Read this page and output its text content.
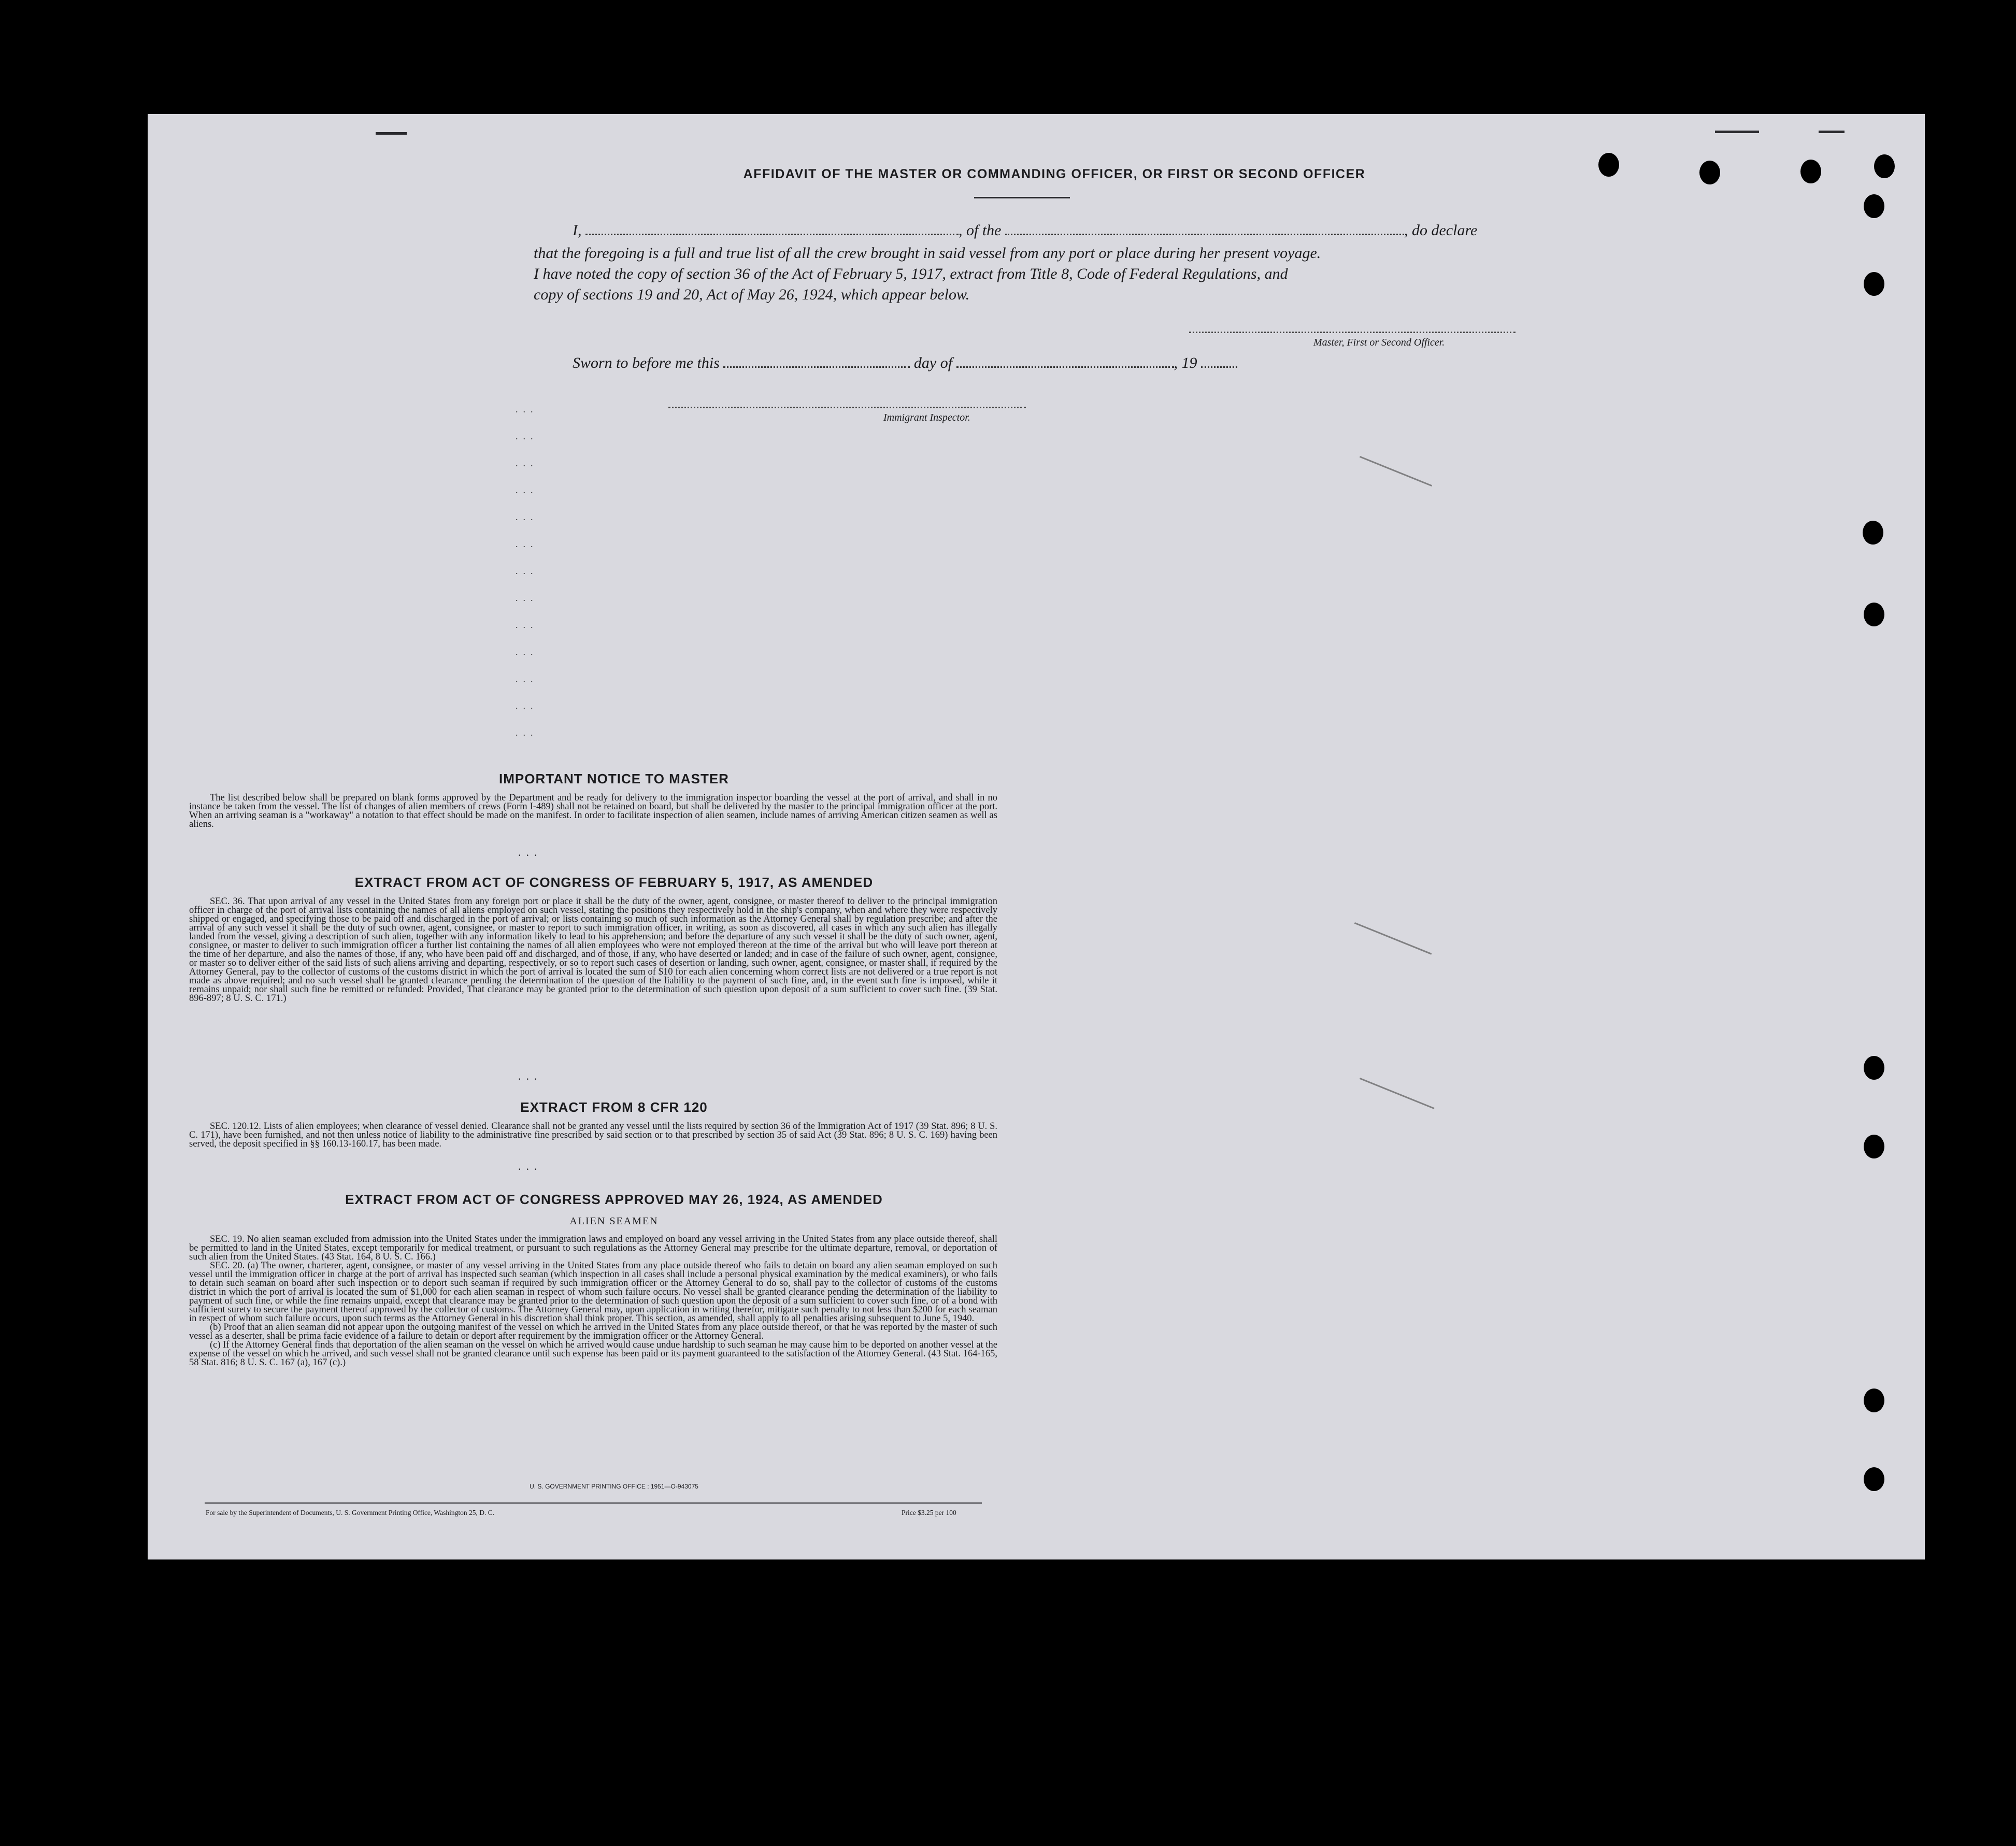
AFFIDAVIT OF THE MASTER OR COMMANDING OFFICER, OR FIRST OR SECOND OFFICER
I,	, of the	, do declare
that the foregoing is a full and true list of all the crew brought in said vessel from any port or place during her present voyage.
I have noted the copy of section 36 of the Act of February 5, 1917, extract from Title 8, Code of Federal Regulations, and
copy of sections 19 and 20, Act of May 26, 1924, which appear below.
Master, First or Second Officer.
Sworn to before me this	day of	, 19
Immigrant Inspector.
...
...
...
...
...
...
...
...
...
...
...
...
...
IMPORTANT NOTICE TO MASTER
The list described below shall be prepared on blank forms approved by the Department and be ready for delivery to the immigration inspector boarding the vessel at the port of arrival, and shall in no instance be taken from the vessel. The list of changes of alien members of crews (Form I-489) shall not be retained on board, but shall be delivered by the master to the principal immigration officer at the port. When an arriving seaman is a "workaway" a notation to that effect should be made on the manifest. In order to facilitate inspection of alien seamen, include names of arriving American citizen seamen as well as aliens.
...
EXTRACT FROM ACT OF CONGRESS OF FEBRUARY 5, 1917, AS AMENDED
SEC. 36. That upon arrival of any vessel in the United States from any foreign port or place it shall be the duty of the owner, agent, consignee, or master thereof to deliver to the principal immigration officer in charge of the port of arrival lists containing the names of all aliens employed on such vessel, stating the positions they respectively hold in the ship's company, when and where they were respectively shipped or engaged, and specifying those to be paid off and discharged in the port of arrival; or lists containing so much of such information as the Attorney General shall by regulation prescribe; and after the arrival of any such vessel it shall be the duty of such owner, agent, consignee, or master to report to such immigration officer, in writing, as soon as discovered, all cases in which any such alien has illegally landed from the vessel, giving a description of such alien, together with any information likely to lead to his apprehension; and before the departure of any such vessel it shall be the duty of such owner, agent, consignee, or master to deliver to such immigration officer a further list containing the names of all alien employees who were not employed thereon at the time of the arrival but who will leave port thereon at the time of her departure, and also the names of those, if any, who have been paid off and discharged, and of those, if any, who have deserted or landed; and in case of the failure of such owner, agent, consignee, or master so to deliver either of the said lists of such aliens arriving and departing, respectively, or so to report such cases of desertion or landing, such owner, agent, consignee, or master shall, if required by the Attorney General, pay to the collector of customs of the customs district in which the port of arrival is located the sum of $10 for each alien concerning whom correct lists are not delivered or a true report is not made as above required; and no such vessel shall be granted clearance pending the determination of the question of the liability to the payment of such fine, and, in the event such fine is imposed, while it remains unpaid; nor shall such fine be remitted or refunded: Provided, That clearance may be granted prior to the determination of such question upon deposit of a sum sufficient to cover such fine. (39 Stat. 896-897; 8 U. S. C. 171.)
...
EXTRACT FROM 8 CFR 120
SEC. 120.12. Lists of alien employees; when clearance of vessel denied. Clearance shall not be granted any vessel until the lists required by section 36 of the Immigration Act of 1917 (39 Stat. 896; 8 U. S. C. 171), have been furnished, and not then unless notice of liability to the administrative fine prescribed by said section or to that prescribed by section 35 of said Act (39 Stat. 896; 8 U. S. C. 169) having been served, the deposit specified in §§ 160.13-160.17, has been made.
...
EXTRACT FROM ACT OF CONGRESS APPROVED MAY 26, 1924, AS AMENDED
ALIEN SEAMEN

SEC. 19. No alien seaman excluded from admission into the United States under the immigration laws and employed on board any vessel arriving in the United States from any place outside thereof, shall be permitted to land in the United States, except temporarily for medical treatment, or pursuant to such regulations as the Attorney General may prescribe for the ultimate departure, removal, or deportation of such alien from the United States. (43 Stat. 164, 8 U. S. C. 166.)

SEC. 20. (a) The owner, charterer, agent, consignee, or master of any vessel arriving in the United States from any place outside thereof who fails to detain on board any alien seaman employed on such vessel until the immigration officer in charge at the port of arrival has inspected such seaman (which inspection in all cases shall include a personal physical examination by the medical examiners), or who fails to detain such seaman on board after such inspection or to deport such seaman if required by such immigration officer or the Attorney General to do so, shall pay to the collector of customs of the customs district in which the port of arrival is located the sum of $1,000 for each alien seaman in respect of whom such failure occurs. No vessel shall be granted clearance pending the determination of the liability to payment of such fine, or while the fine remains unpaid, except that clearance may be granted prior to the determination of such question upon the deposit of a sum sufficient to cover such fine, or of a bond with sufficient surety to secure the payment thereof approved by the collector of customs. The Attorney General may, upon application in writing therefor, mitigate such penalty to not less than $200 for each seaman in respect of whom such failure occurs, upon such terms as the Attorney General in his discretion shall think proper. This section, as amended, shall apply to all penalties arising subsequent to June 5, 1940.

(b) Proof that an alien seaman did not appear upon the outgoing manifest of the vessel on which he arrived in the United States from any place outside thereof, or that he was reported by the master of such vessel as a deserter, shall be prima facie evidence of a failure to detain or deport after requirement by the immigration officer or the Attorney General.

(c) If the Attorney General finds that deportation of the alien seaman on the vessel on which he arrived would cause undue hardship to such seaman he may cause him to be deported on another vessel at the expense of the vessel on which he arrived, and such vessel shall not be granted clearance until such expense has been paid or its payment guaranteed to the satisfaction of the Attorney General. (43 Stat. 164-165, 58 Stat. 816; 8 U. S. C. 167 (a), 167 (c).)

U. S. GOVERNMENT PRINTING OFFICE : 1951—O-943075
For sale by the Superintendent of Documents, U. S. Government Printing Office, Washington 25, D. C.	Price $3.25 per 100
